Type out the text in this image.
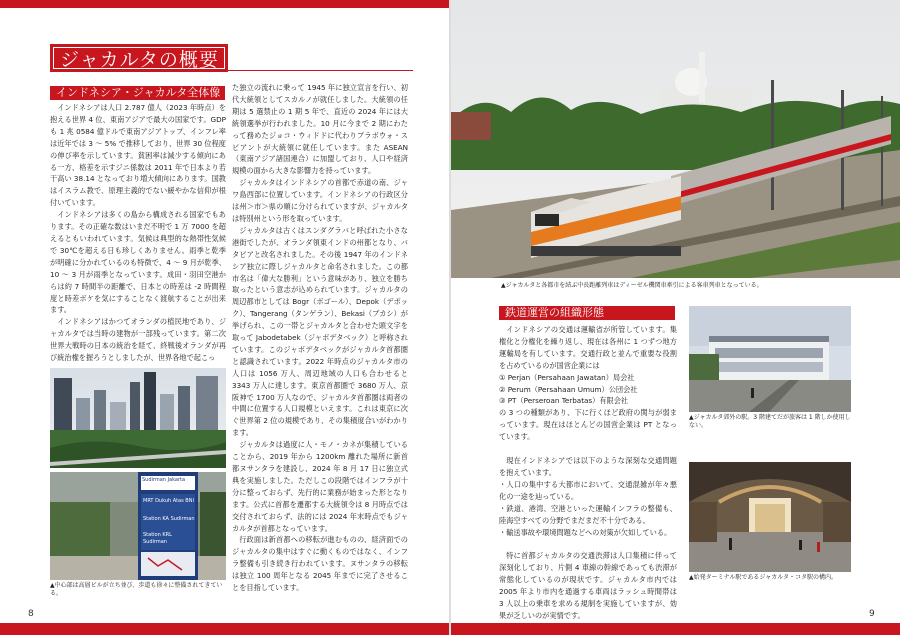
ジャカルタの概要
インドネシア・ジャカルタ全体像

インドネシアは人口 2.787 億人（2023 年時点）を抱える世界 4 位、東南アジアで最大の国家です。GDP も 1 兆 0584 億ドルで東南アジアトップ、インフレ率は近年では 3 ～ 5% で推移しており、世界 30 位程度の伸び率を示しています。貧困率は減少する傾向にある一方、格差を示すジニ係数は 2011 年で日本より若干高い 38.14 となっており増大傾向にあります。国教はイスラム教で、原理主義的でない緩やかな信仰が根付いています。

インドネシアは多くの島から構成される国家でもあります。その正確な数はいまだ不明で 1 万 7000 を超えるともいわれています。気候は典型的な熱帯性気候で 30℃を超える日も珍しくありません。雨季と乾季が明確に分かれているのも特徴で、4 ～ 9 月が乾季、10 ～ 3 月が雨季となっています。成田・羽田空港からは約 7 時間半の距離で、日本との時差は -2 時間程度と時差ボケを気にすることなく渡航することが出来ます。

インドネシアはかつてオランダの植民地であり、ジャカルタでは当時の建物が一部残っています。第二次世界大戦時の日本の統治を経て、終戦後オランダが再び統治権を握ろうとしましたが、世界各地で起こっ

た独立の流れに乗って 1945 年に独立宣言を行い、初代大統領としてスカルノが就任しました。大統領の任期は 5 選禁止の 1 期 5 年で、直近の 2024 年には大統領選挙が行われました。10 月に今まで 2 期にわたって務めたジョコ・ウィドドに代わりプラボウォ・スビアントが大統領に就任しています。また ASEAN（東南アジア諸国連合）に加盟しており、人口や経済規模の面から大きな影響力を持っています。

ジャカルタはインドネシアの首都で赤道の南、ジャワ島西部に位置しています。インドネシアの行政区分は州＞市＞県の順に分けられていますが、ジャカルタは特別州という形を取っています。

ジャカルタは古くはスンダグラバと呼ばれた小さな港街でしたが、オランダ領東インドの州都となり、バタビアと改名されました。その後 1947 年のインドネシア独立に際しジャカルタと命名されました。この都市名は「偉大な勝利」という意味があり、独立を勝ち取ったという意志が込められています。ジャカルタの周辺都市としては Bogr（ボゴール）、Depok（デポック）、Tangerang（タンゲラン）、Bekasi（ブカシ）が挙げられ、この一帯とジャカルタと合わせた頭文字を取って Jabodetabek（ジャボデタベック）と呼称されています。このジャボデタベックがジャカルタ首都圏と認識されています。2022 年時点のジャカルタ市の人口は 1056 万人、周辺地域の人口も合わせると 3343 万人に達します。東京首都圏で 3680 万人、京阪神で 1700 万人なので、ジャカルタ首都圏は両者の中間に位置する人口規模といえます。これは東京に次ぐ世界第 2 位の規模であり、その集積度合いがわかります。

ジャカルタは過度に人・モノ・カネが集積していることから、2019 年から 1200km 離れた場所に新首都ヌサンタラを建設し、2024 年 8 月 17 日に独立式典を実施しました。ただしこの段階ではインフラが十分に整っておらず、先行的に業務が始まった形となります。公式に首都を遷都する大統領令は 8 月時点では交付されておらず、法的には 2024 年末時点でもジャカルタが首都となっています。

行政面は新首都への移転が進むものの、経済面でのジャカルタの集中はすぐに動くものではなく、インフラ整備も引き続き行われています。ヌサンタラの移転は独立 100 周年となる 2045 年までに完了させることを目指しています。

Sudirman Jakarta
MRT Dukuh Atas BNI
Station KA Sudirman
Station KRL Sudirman
▲中心部は高層ビルが立ち並び、歩道も徐々に整備されてきている。
8
▲ジャカルタと各都市を結ぶ中長距離列車はディーゼル機関車牽引による客車列車となっている。
鉄道運営の組織形態

インドネシアの交通は運輸省が所管しています。集権化と分権化を繰り返し、現在は各州に 1 つずつ地方運輸局を有しています。交通行政と並んで重要な役割を占めているのが国営企業には

① Perjan（Persahaan Jawatan）局会社

② Perum（Persahaan Umum）公団会社

③ PT（Perseroan Terbatas）有限会社

の 3 つの種類があり、下に行くほど政府の関与が弱まっています。現在はほとんどの国営企業は PT となっています。

現在インドネシアでは以下のような深刻な交通問題を抱えています。

・人口の集中する大都市において、交通混雑が年々悪化の一途を辿っている。

・鉄道、港湾、空港といった運輸インフラの整備も、陸海空すべての分野でまだまだ不十分である。

・輸送事故や環境問題などへの対策が欠如している。

特に首都ジャカルタの交通渋滞は人口集積に伴って深刻化しており、片側 4 車線の幹線であっても渋滞が常態化しているのが現状です。ジャカルタ市内では 2005 年より市内を通過する車両はラッシュ時間帯は 3 人以上の乗車を求める規制を実施していますが、効果が乏しいのが実情です。

▲ジャカルタ郊外の駅。3 階建てだが旅客は 1 階しか使用しない。
▲始発ターミナル駅であるジャカルタ・コタ駅の構内。
9
